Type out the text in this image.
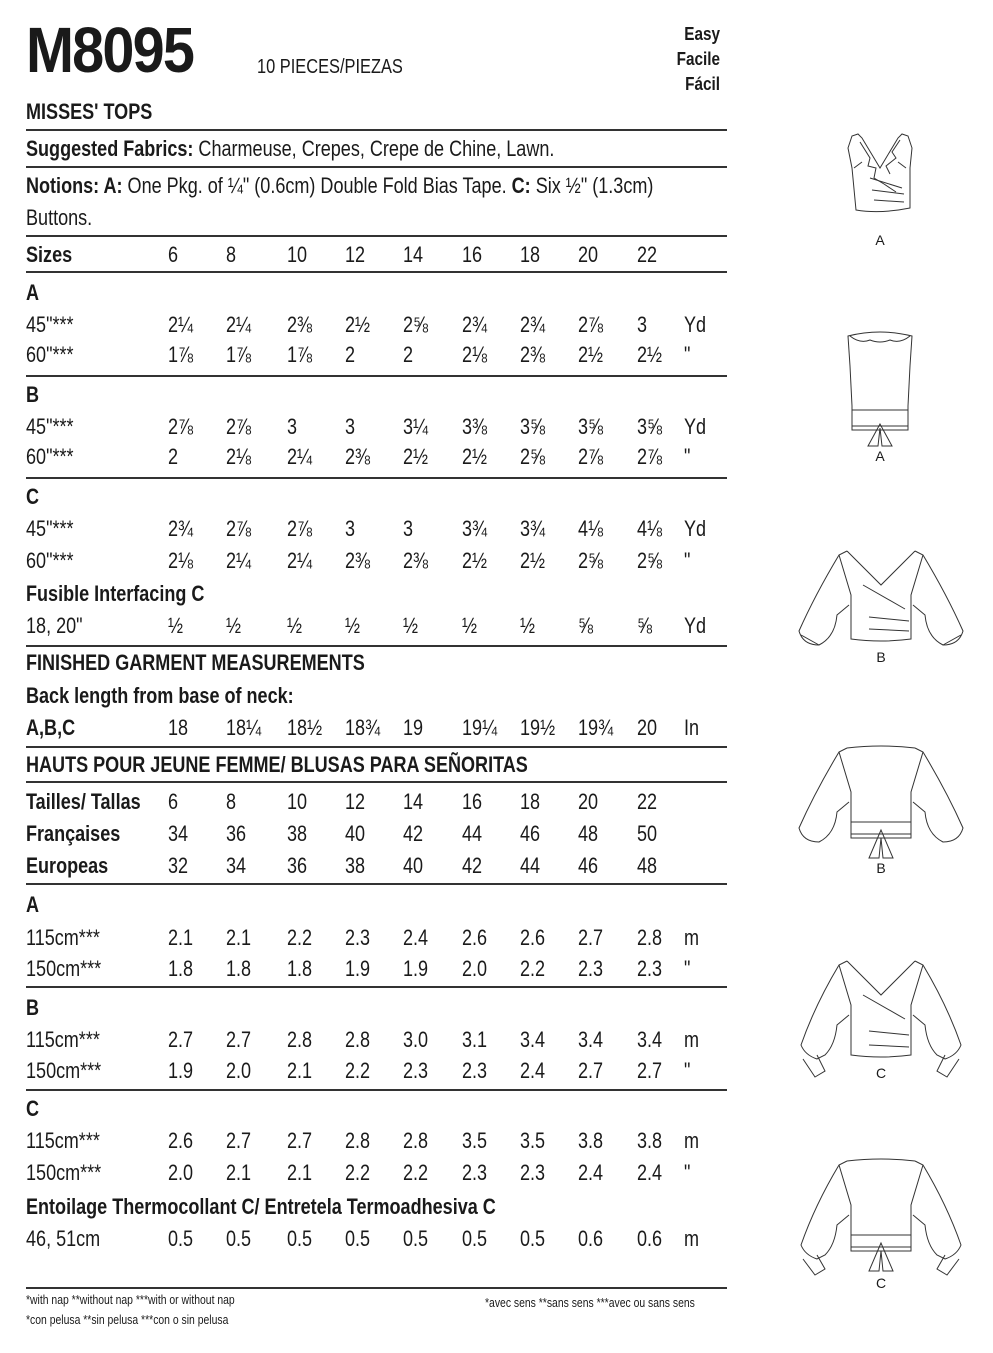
M8095	10 PIECES/PIEZAS
Easy
Facile
Fácil
MISSES' TOPS
Suggested Fabrics: Charmeuse, Crepes, Crepe de Chine, Lawn.
Notions: A: One Pkg. of ¼" (0.6cm) Double Fold Bias Tape. C: Six ½" (1.3cm)
Buttons.
Sizes	6 8 10 12 14 16 18 20 22
A
45"***	2¼ 2¼ 2⅜ 2½ 2⅝ 2¾ 2¾ 2⅞ 3 Yd
60"***	1⅞ 1⅞ 1⅞ 2 2 2⅛ 2⅜ 2½ 2½ "
B
45"***	2⅞ 2⅞ 3 3 3¼ 3⅜ 3⅝ 3⅝ 3⅝ Yd
60"***	2 2⅛ 2¼ 2⅜ 2½ 2½ 2⅝ 2⅞ 2⅞ "
C
45"***	2¾ 2⅞ 2⅞ 3 3 3¾ 3¾ 4⅛ 4⅛ Yd
60"***	2⅛ 2¼ 2¼ 2⅜ 2⅜ 2½ 2½ 2⅝ 2⅝ "
Fusible Interfacing C
18, 20"	½ ½ ½ ½ ½ ½ ½ ⅝ ⅝ Yd
FINISHED GARMENT MEASUREMENTS
Back length from base of neck:
A,B,C	18 18¼ 18½ 18¾ 19 19¼ 19½ 19¾ 20 In
HAUTS POUR JEUNE FEMME/ BLUSAS PARA SEÑORITAS
Tailles/ Tallas 6 8 10 12 14 16 18 20 22
Françaises 34 36 38 40 42 44 46 48 50
Europeas	32 34 36 38 40 42 44 46 48
A
115cm***	2.1 2.1 2.2 2.3 2.4 2.6 2.6 2.7 2.8 m
150cm***	1.8 1.8 1.8 1.9 1.9 2.0 2.2 2.3 2.3 "
B
115cm***	2.7 2.7 2.8 2.8 3.0 3.1 3.4 3.4 3.4 m
150cm***	1.9 2.0 2.1 2.2 2.3 2.3 2.4 2.7 2.7 "
C
115cm***	2.6 2.7 2.7 2.8 2.8 3.5 3.5 3.8 3.8 m
150cm***	2.0 2.1 2.1 2.2 2.2 2.3 2.3 2.4 2.4 "
Entoilage Thermocollant C/ Entretela Termoadhesiva C
46, 51cm	0.5 0.5 0.5 0.5 0.5 0.5 0.5 0.6 0.6 m
*with nap **without nap ***with or without nap
*con pelusa **sin pelusa ***con o sin pelusa
*avec sens **sans sens ***avec ou sans sens
A
A
B
B
C
C
